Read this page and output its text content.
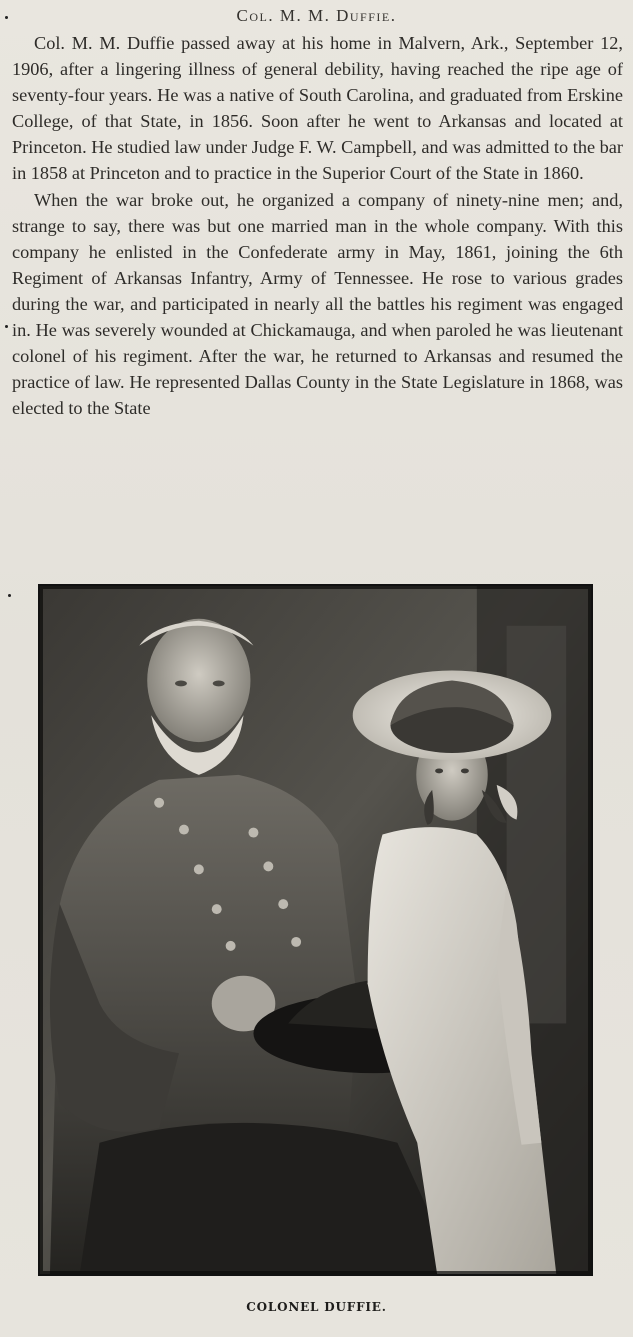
Col. M. M. Duffie.

Col. M. M. Duffie passed away at his home in Malvern, Ark., September 12, 1906, after a lingering illness of general debility, having reached the ripe age of seventy-four years. He was a native of South Carolina, and graduated from Erskine College, of that State, in 1856. Soon after he went to Arkansas and located at Princeton. He studied law under Judge F. W. Campbell, and was admitted to the bar in 1858 at Princeton and to practice in the Superior Court of the State in 1860.

When the war broke out, he organized a company of ninety-nine men; and, strange to say, there was but one married man in the whole company. With this company he enlisted in the Confederate army in May, 1861, joining the 6th Regiment of Arkansas Infantry, Army of Tennessee. He rose to various grades during the war, and participated in nearly all the battles his regiment was engaged in. He was severely wounded at Chickamauga, and when paroled he was lieutenant colonel of his regiment. After the war, he returned to Arkansas and resumed the practice of law. He represented Dallas County in the State Legislature in 1868, was elected to the State

COLONEL DUFFIE.
